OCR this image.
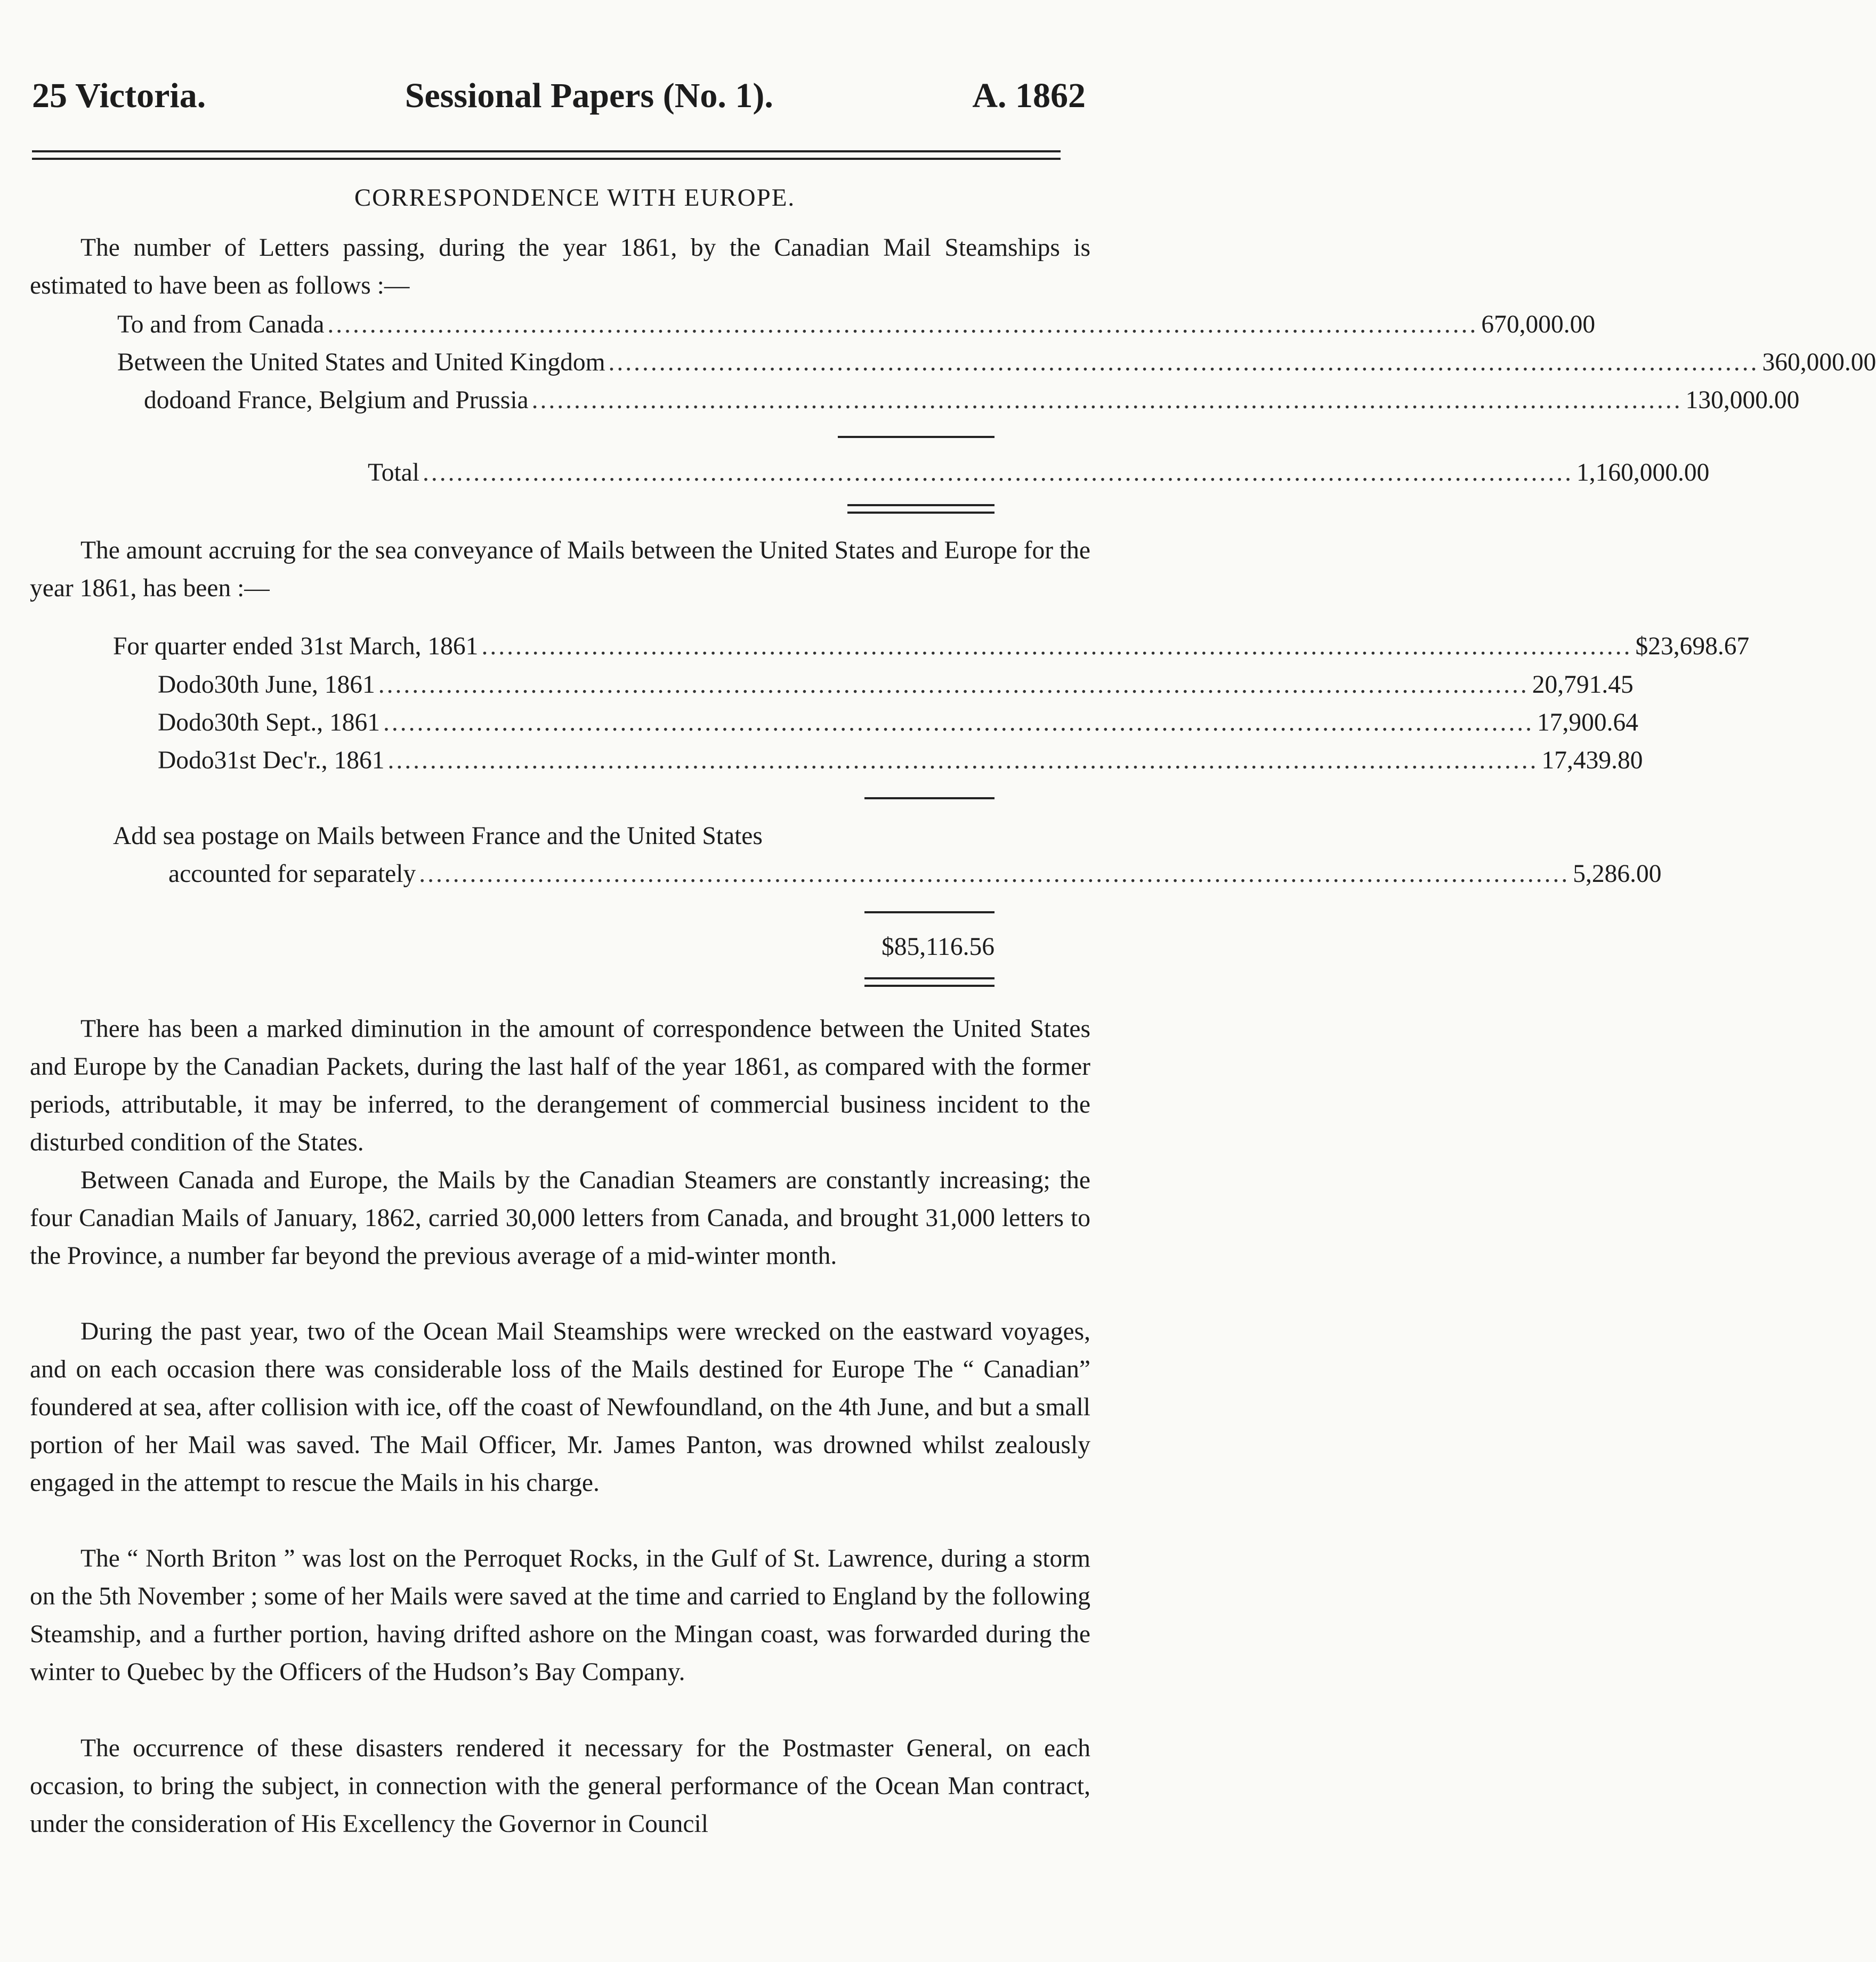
25 Victoria.	Sessional Papers (No. 1).	A. 1862
CORRESPONDENCE WITH EUROPE.
The number of Letters passing, during the year 1861, by the Canadian Mail Steamships is estimated to have been as follows :—
To and from Canada ........................................................................................................................................ 670,000.00
Between the United States and United Kingdom ........................................................................................................................................ 360,000.00
do do and France, Belgium and Prussia ........................................................................................................................................ 130,000.00
Total ........................................................................................................................................ 1,160,000.00
The amount accruing for the sea conveyance of Mails between the United States and Europe for the year 1861, has been :—
For quarter ended 31st March, 1861 ........................................................................................................................................ $23,698.67
Do do 30th June, 1861 ........................................................................................................................................ 20,791.45
Do do 30th Sept., 1861 ........................................................................................................................................ 17,900.64
Do do 31st Dec'r., 1861 ........................................................................................................................................ 17,439.80
Add sea postage on Mails between France and the United States
accounted for separately ........................................................................................................................................ 5,286.00
$85,116.56
There has been a marked diminution in the amount of correspondence between the United States and Europe by the Canadian Packets, during the last half of the year 1861, as compared with the former periods, attributable, it may be inferred, to the derangement of commercial business incident to the disturbed condition of the States.
Between Canada and Europe, the Mails by the Canadian Steamers are constantly increasing; the four Canadian Mails of January, 1862, carried 30,000 letters from Canada, and brought 31,000 letters to the Province, a number far beyond the previous average of a mid-winter month.
During the past year, two of the Ocean Mail Steamships were wrecked on the eastward voyages, and on each occasion there was considerable loss of the Mails destined for Europe The “ Canadian” foundered at sea, after collision with ice, off the coast of Newfoundland, on the 4th June, and but a small portion of her Mail was saved. The Mail Officer, Mr. James Panton, was drowned whilst zealously engaged in the attempt to rescue the Mails in his charge.
The “ North Briton ” was lost on the Perroquet Rocks, in the Gulf of St. Lawrence, during a storm on the 5th November ; some of her Mails were saved at the time and carried to England by the following Steamship, and a further portion, having drifted ashore on the Mingan coast, was forwarded during the winter to Quebec by the Officers of the Hudson’s Bay Company.
The occurrence of these disasters rendered it necessary for the Postmaster General, on each occasion, to bring the subject, in connection with the general performance of the Ocean Man contract, under the consideration of His Excellency the Governor in Council
